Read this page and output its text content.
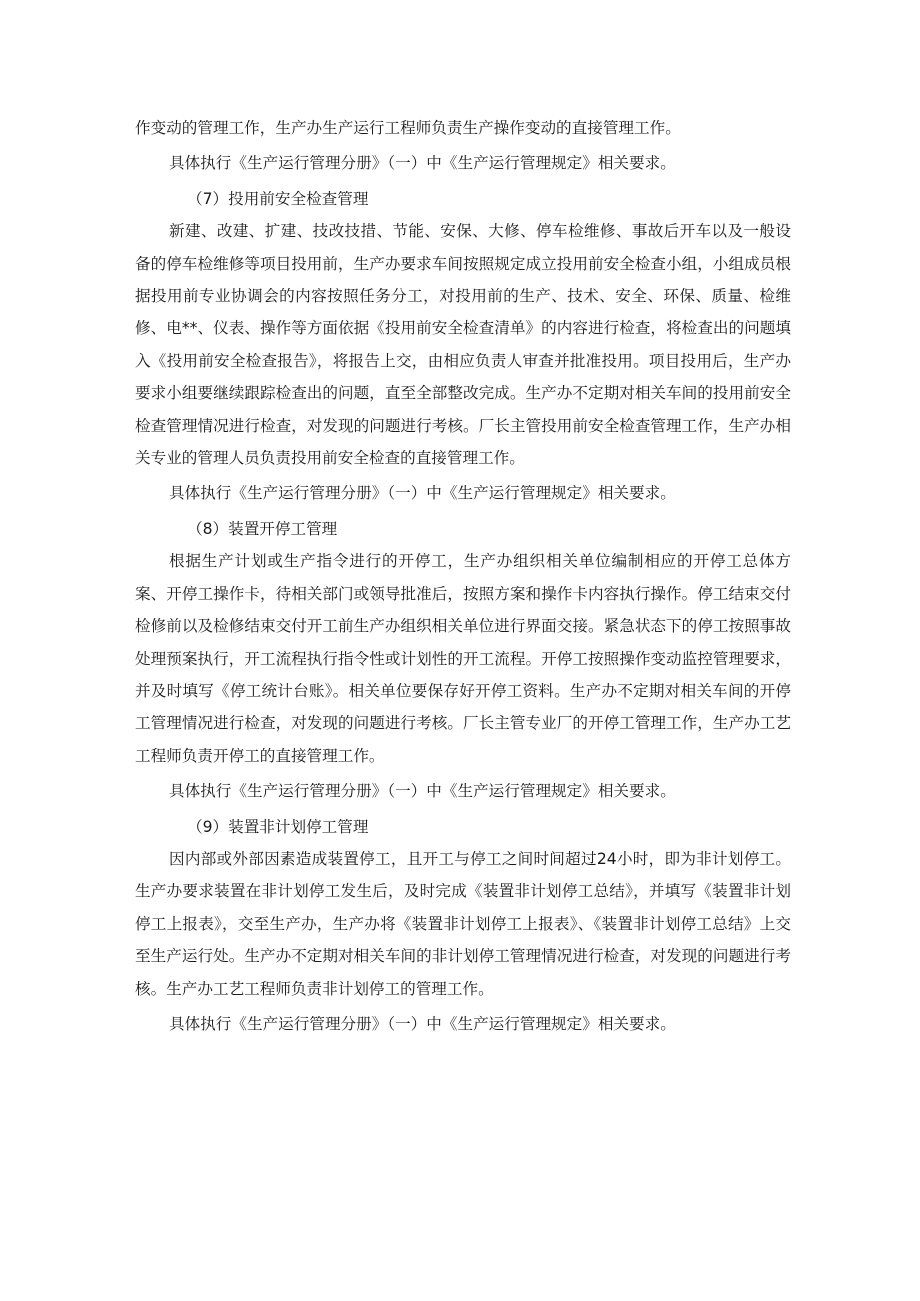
作变动的管理工作，生产办生产运行工程师负责生产操作变动的直接管理工作。

具体执行《生产运行管理分册》（一）中《生产运行管理规定》相关要求。

（7）投用前安全检查管理

新建、改建、扩建、技改技措、节能、安保、大修、停车检维修、事故后开车以及一般设备的停车检维修等项目投用前，生产办要求车间按照规定成立投用前安全检查小组，小组成员根据投用前专业协调会的内容按照任务分工，对投用前的生产、技术、安全、环保、质量、检维修、电**、仪表、操作等方面依据《投用前安全检查清单》的内容进行检查，将检查出的问题填入《投用前安全检查报告》，将报告上交，由相应负责人审查并批准投用。项目投用后，生产办要求小组要继续跟踪检查出的问题，直至全部整改完成。生产办不定期对相关车间的投用前安全检查管理情况进行检查，对发现的问题进行考核。厂长主管投用前安全检查管理工作，生产办相关专业的管理人员负责投用前安全检查的直接管理工作。

具体执行《生产运行管理分册》（一）中《生产运行管理规定》相关要求。

（8）装置开停工管理

根据生产计划或生产指令进行的开停工，生产办组织相关单位编制相应的开停工总体方案、开停工操作卡，待相关部门或领导批准后，按照方案和操作卡内容执行操作。停工结束交付检修前以及检修结束交付开工前生产办组织相关单位进行界面交接。紧急状态下的停工按照事故处理预案执行，开工流程执行指令性或计划性的开工流程。开停工按照操作变动监控管理要求，并及时填写《停工统计台账》。相关单位要保存好开停工资料。生产办不定期对相关车间的开停工管理情况进行检查，对发现的问题进行考核。厂长主管专业厂的开停工管理工作，生产办工艺工程师负责开停工的直接管理工作。

具体执行《生产运行管理分册》（一）中《生产运行管理规定》相关要求。

（9）装置非计划停工管理

因内部或外部因素造成装置停工，且开工与停工之间时间超过24小时，即为非计划停工。生产办要求装置在非计划停工发生后，及时完成《装置非计划停工总结》，并填写《装置非计划停工上报表》，交至生产办，生产办将《装置非计划停工上报表》、《装置非计划停工总结》上交至生产运行处。生产办不定期对相关车间的非计划停工管理情况进行检查，对发现的问题进行考核。生产办工艺工程师负责非计划停工的管理工作。

具体执行《生产运行管理分册》（一）中《生产运行管理规定》相关要求。
